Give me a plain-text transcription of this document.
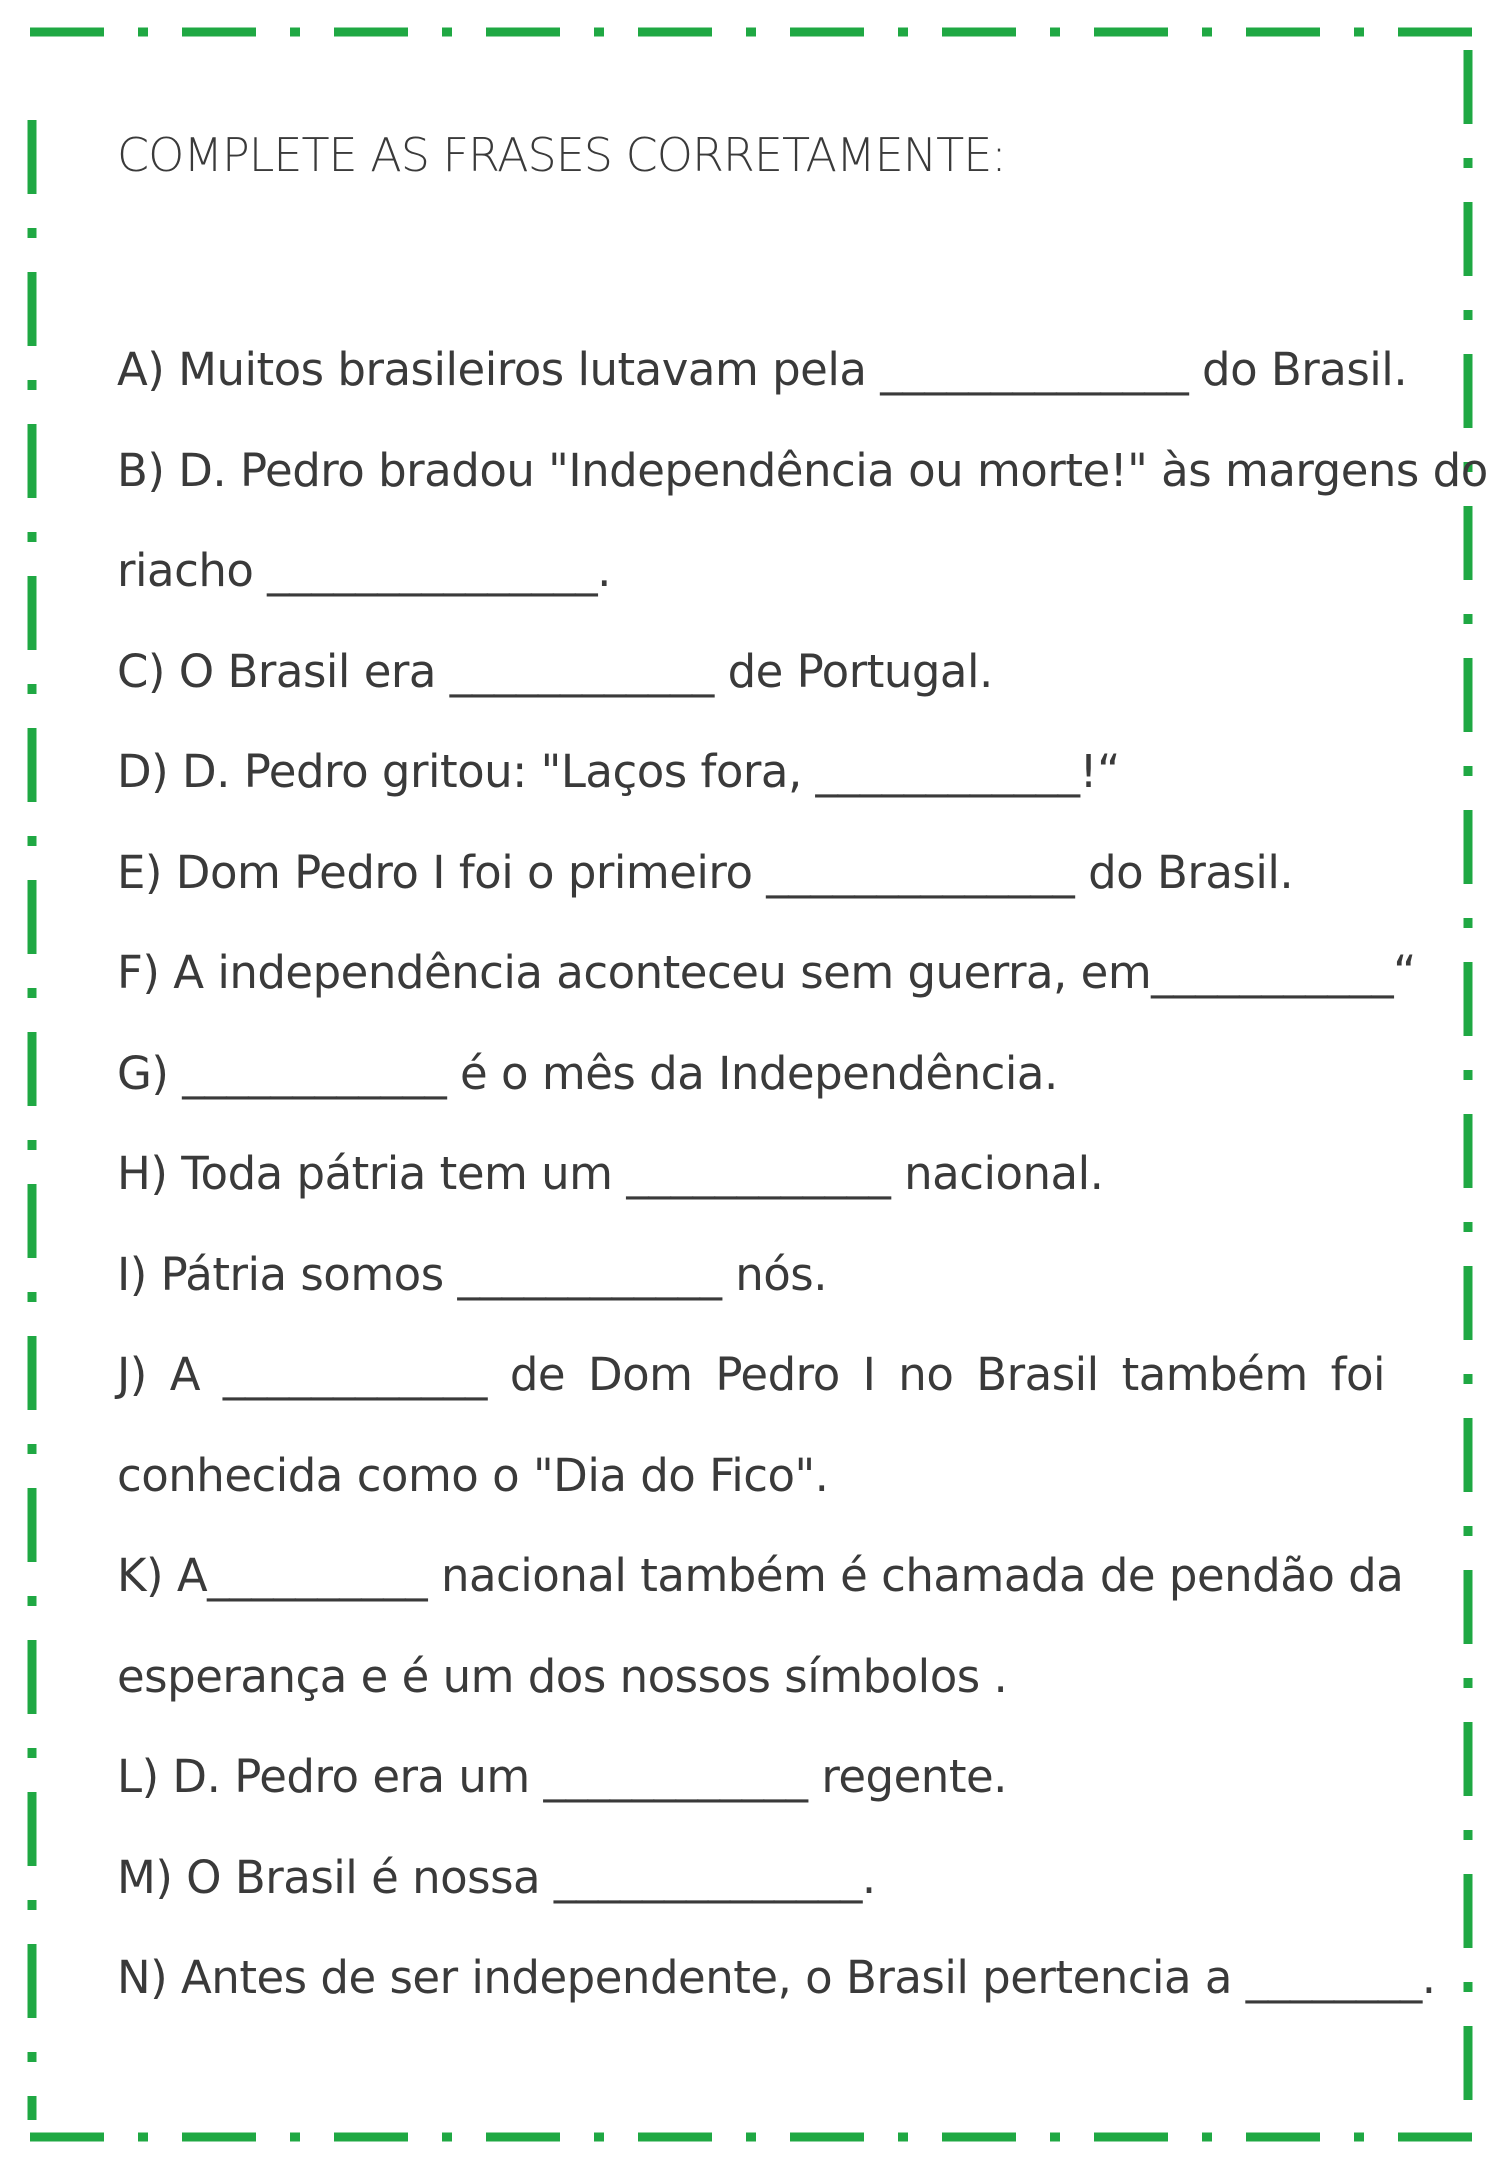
COMPLETE AS FRASES CORRETAMENTE:
A) Muitos brasileiros lutavam pela ______________ do Brasil.
B) D. Pedro bradou "Independência ou morte!" às margens do
riacho _______________.
C) O Brasil era ____________ de Portugal.
D) D. Pedro gritou: "Laços fora, ____________!“
E) Dom Pedro I foi o primeiro ______________ do Brasil.
F) A independência aconteceu sem guerra, em___________“
G) ____________ é o mês da Independência.
H) Toda pátria tem um ____________ nacional.
I) Pátria somos ____________ nós.
J) A ____________ de Dom Pedro I no Brasil também foi
conhecida como o "Dia do Fico".
K) A__________ nacional também é chamada de pendão da
esperança e é um dos nossos símbolos .
L) D. Pedro era um ____________ regente.
M) O Brasil é nossa ______________.
N) Antes de ser independente, o Brasil pertencia a ________.
